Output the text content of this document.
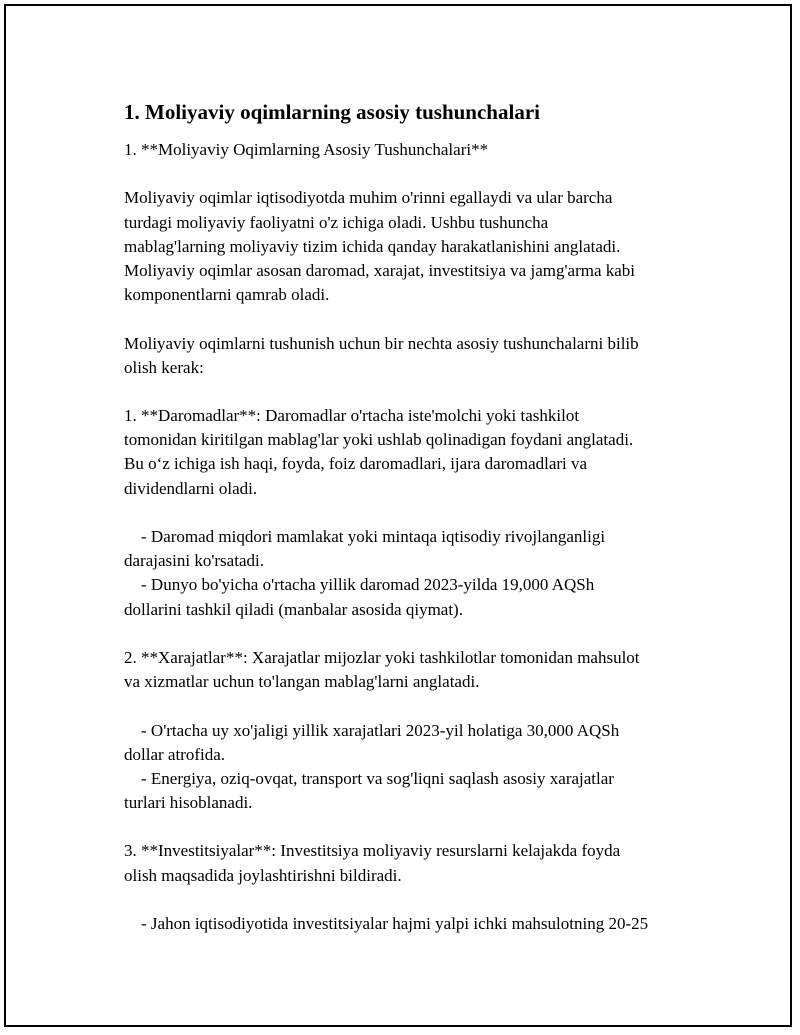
1. Moliyaviy oqimlarning asosiy tushunchalari
1. **Moliyaviy Oqimlarning Asosiy Tushunchalari**
Moliyaviy oqimlar iqtisodiyotda muhim o'rinni egallaydi va ular barcha
turdagi moliyaviy faoliyatni o'z ichiga oladi. Ushbu tushuncha
mablag'larning moliyaviy tizim ichida qanday harakatlanishini anglatadi.
Moliyaviy oqimlar asosan daromad, xarajat, investitsiya va jamg'arma kabi
komponentlarni qamrab oladi.
Moliyaviy oqimlarni tushunish uchun bir nechta asosiy tushunchalarni bilib
olish kerak:
1. **Daromadlar**: Daromadlar o'rtacha iste'molchi yoki tashkilot
tomonidan kiritilgan mablag'lar yoki ushlab qolinadigan foydani anglatadi.
Bu o‘z ichiga ish haqi, foyda, foiz daromadlari, ijara daromadlari va
dividendlarni oladi.
- Daromad miqdori mamlakat yoki mintaqa iqtisodiy rivojlanganligi
darajasini ko'rsatadi.
- Dunyo bo'yicha o'rtacha yillik daromad 2023-yilda 19,000 AQSh
dollarini tashkil qiladi (manbalar asosida qiymat).
2. **Xarajatlar**: Xarajatlar mijozlar yoki tashkilotlar tomonidan mahsulot
va xizmatlar uchun to'langan mablag'larni anglatadi.
- O'rtacha uy xo'jaligi yillik xarajatlari 2023-yil holatiga 30,000 AQSh
dollar atrofida.
- Energiya, oziq-ovqat, transport va sog'liqni saqlash asosiy xarajatlar
turlari hisoblanadi.
3. **Investitsiyalar**: Investitsiya moliyaviy resurslarni kelajakda foyda
olish maqsadida joylashtirishni bildiradi.
- Jahon iqtisodiyotida investitsiyalar hajmi yalpi ichki mahsulotning 20-25
